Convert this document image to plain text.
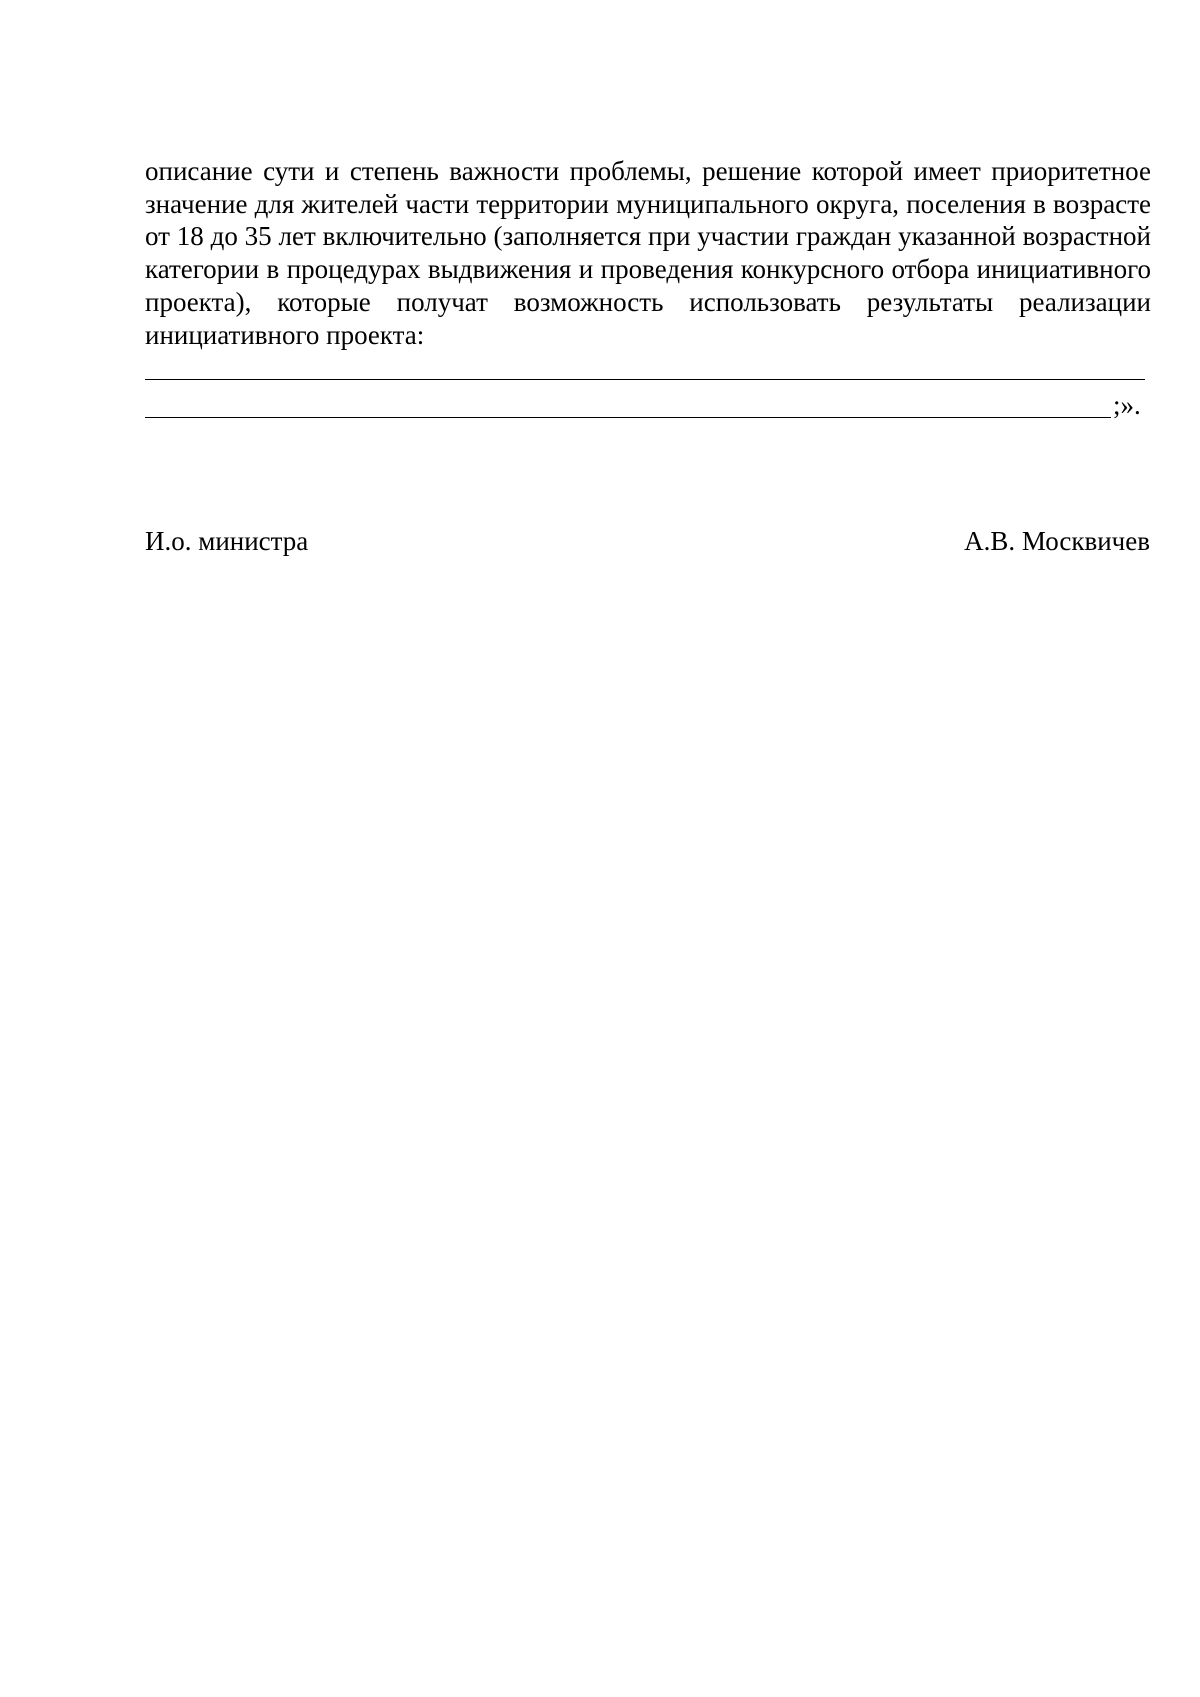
описание сути и степень важности проблемы, решение которой имеет приоритетное значение для жителей части территории муниципального округа, поселения в возрасте от 18 до 35 лет включительно (заполняется при участии граждан указанной возрастной категории в процедурах выдвижения и проведения конкурсного отбора инициативного проекта), которые получат возможность использовать результаты реализации инициативного проекта:

;».
И.о. министра	А.В. Москвичев
